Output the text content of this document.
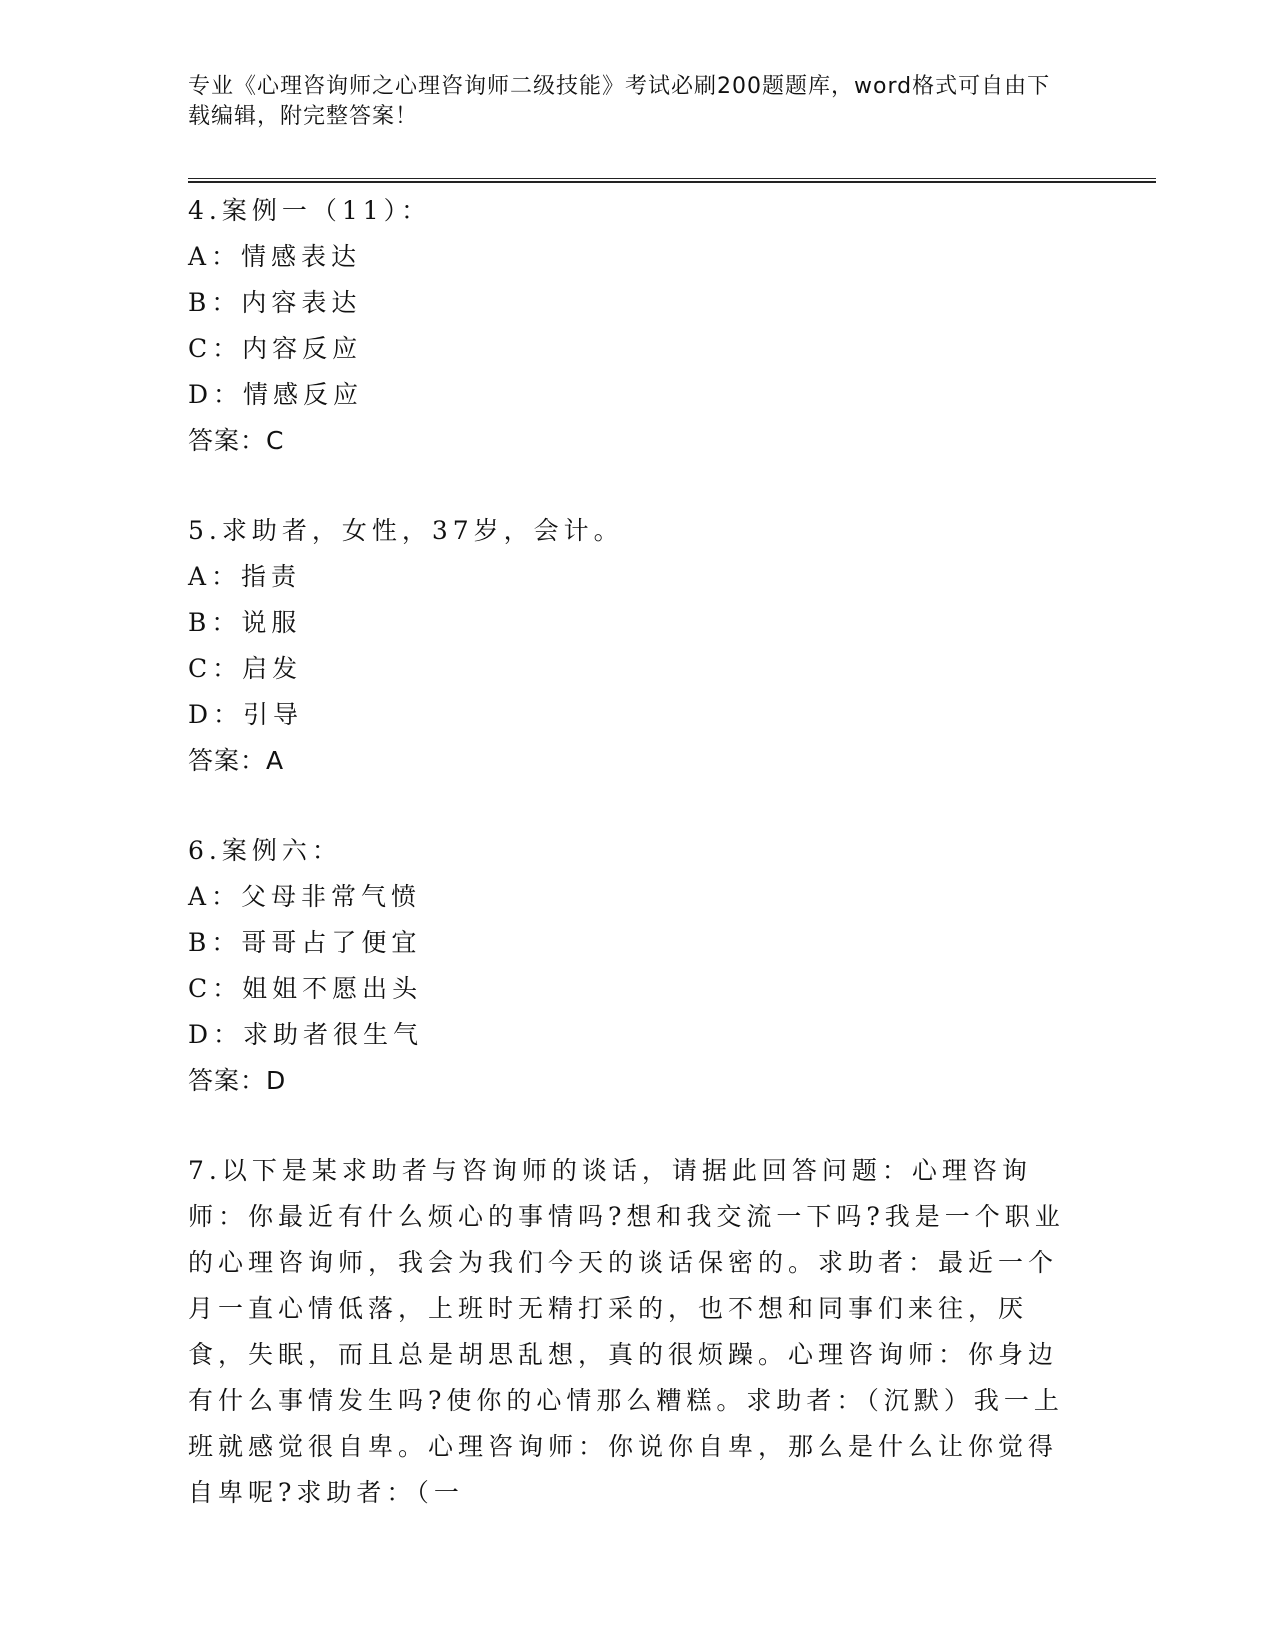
专业《心理咨询师之心理咨询师二级技能》考试必刷200题题库，word格式可自由下载编辑，附完整答案！
4.案例一（11）：
A：情感表达
B：内容表达
C：内容反应
D：情感反应
答案：C
5.求助者，女性，37岁，会计。
A：指责
B：说服
C：启发
D：引导
答案：A
6.案例六：
A：父母非常气愤
B：哥哥占了便宜
C：姐姐不愿出头
D：求助者很生气
答案：D
7.以下是某求助者与咨询师的谈话，请据此回答问题：心理咨询师：你最近有什么烦心的事情吗?想和我交流一下吗?我是一个职业的心理咨询师，我会为我们今天的谈话保密的。求助者：最近一个月一直心情低落，上班时无精打采的，也不想和同事们来往，厌食，失眠，而且总是胡思乱想，真的很烦躁。心理咨询师：你身边有什么事情发生吗?使你的心情那么糟糕。求助者：（沉默）我一上班就感觉很自卑。心理咨询师：你说你自卑，那么是什么让你觉得自卑呢?求助者：（一
